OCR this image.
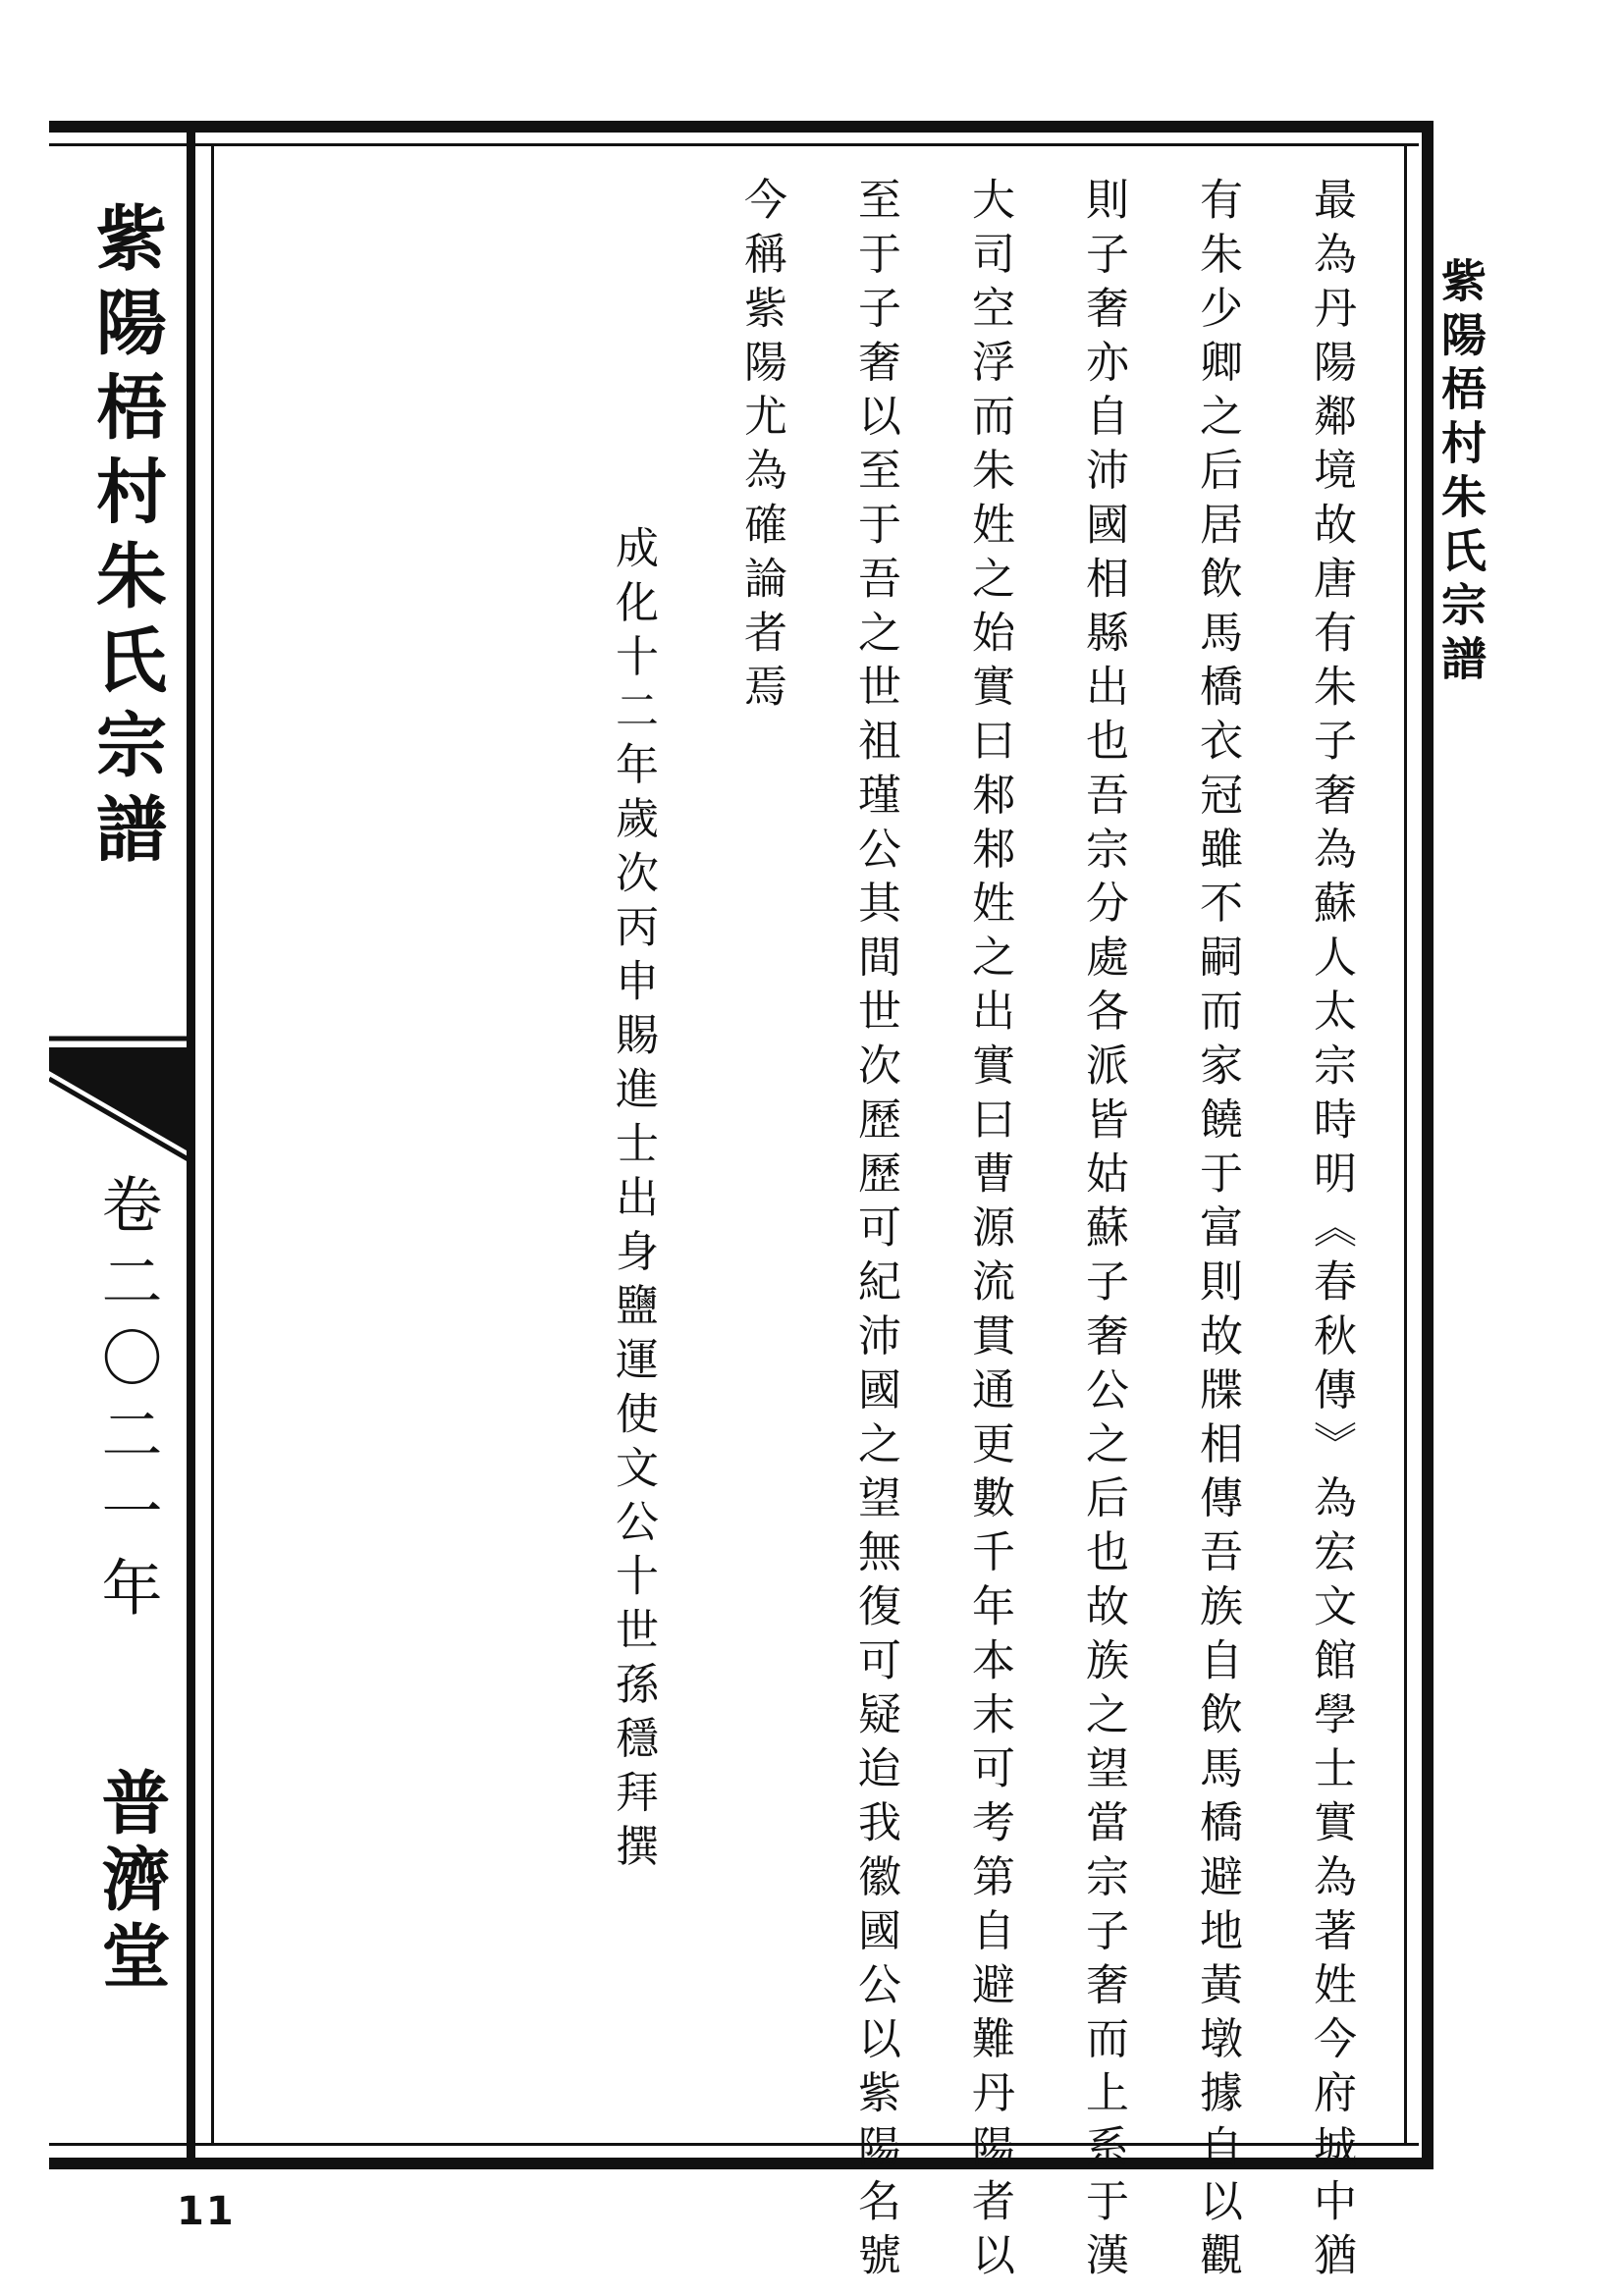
紫陽梧村朱氏宗譜
卷二〇二一年
普濟堂
紫陽梧村朱氏宗譜
最為丹陽鄰境故唐有朱子奢為蘇人太宗時明《春秋傳》為宏文館學士實為著姓今府城中猶
有朱少卿之后居飲馬橋衣冠雖不嗣而家饒于富則故牒相傳吾族自飲馬橋避地黃墩據自以觀
則子奢亦自沛國相縣出也吾宗分處各派皆姑蘇子奢公之后也故族之望當宗子奢而上系于漢
大司空浮而朱姓之始實曰邾邾姓之出實曰曹源流貫通更數千年本末可考第自避難丹陽者以
至于子奢以至于吾之世祖瑾公其間世次歷歷可紀沛國之望無復可疑迨我徽國公以紫陽名號
今稱紫陽尤為確論者焉
成化十二年歲次丙申賜進士出身鹽運使文公十世孫穩拜撰
11
